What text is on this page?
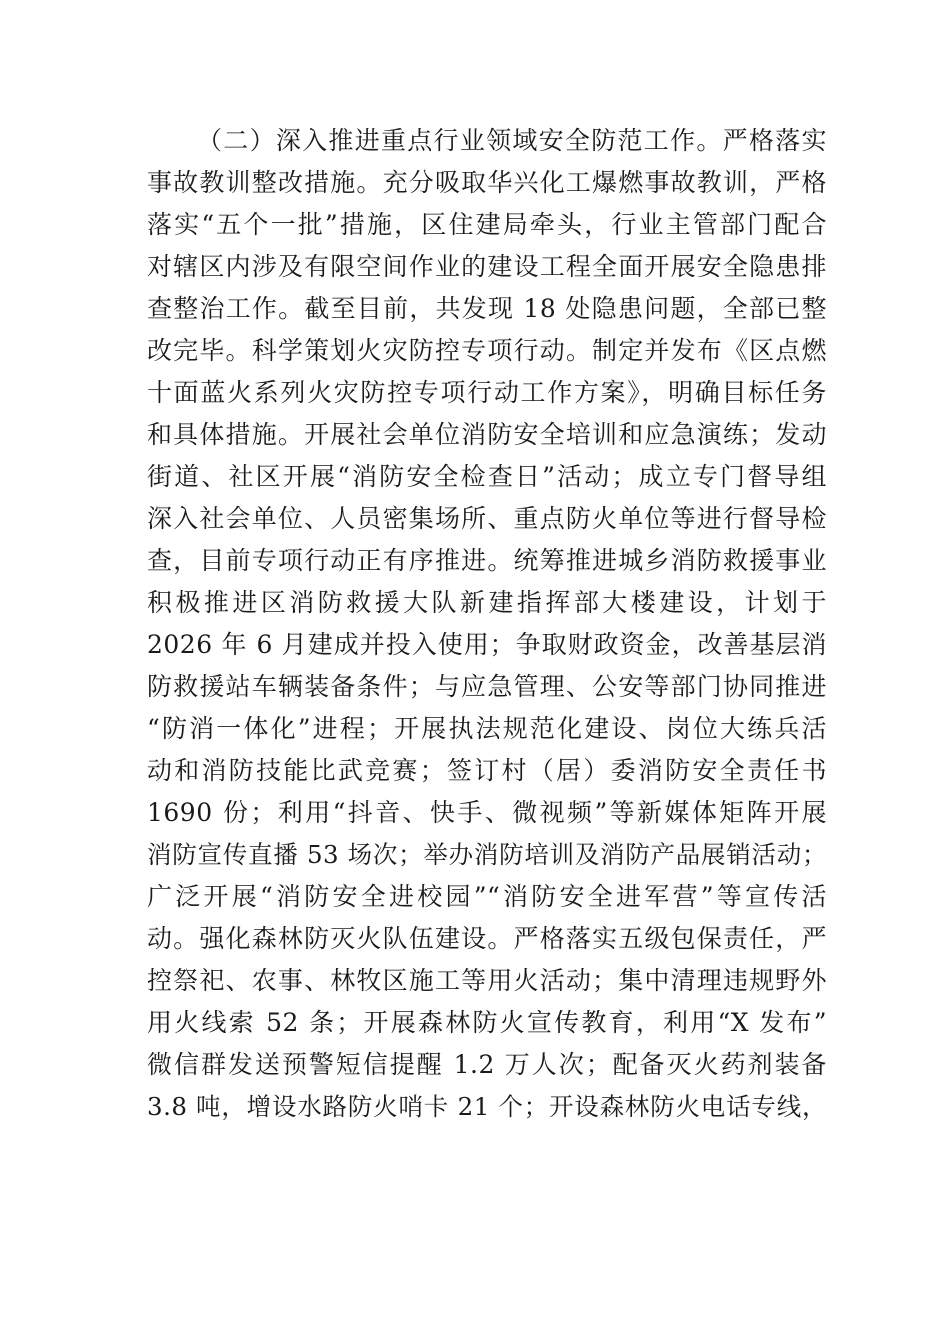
（二）深入推进重点行业领域安全防范工作。严格落实
事故教训整改措施。充分吸取华兴化工爆燃事故教训，严格
落实“五个一批”措施，区住建局牵头，行业主管部门配合
对辖区内涉及有限空间作业的建设工程全面开展安全隐患排
查整治工作。截至目前，共发现 18 处隐患问题，全部已整
改完毕。科学策划火灾防控专项行动。制定并发布《区点燃
十面蓝火系列火灾防控专项行动工作方案》，明确目标任务
和具体措施。开展社会单位消防安全培训和应急演练；发动
街道、社区开展“消防安全检查日”活动；成立专门督导组
深入社会单位、人员密集场所、重点防火单位等进行督导检
查，目前专项行动正有序推进。统筹推进城乡消防救援事业
积极推进区消防救援大队新建指挥部大楼建设，计划于
2026 年 6 月建成并投入使用；争取财政资金，改善基层消
防救援站车辆装备条件；与应急管理、公安等部门协同推进
“防消一体化”进程；开展执法规范化建设、岗位大练兵活
动和消防技能比武竞赛；签订村（居）委消防安全责任书
1690 份；利用“抖音、快手、微视频”等新媒体矩阵开展
消防宣传直播 53 场次；举办消防培训及消防产品展销活动；
广泛开展“消防安全进校园”“消防安全进军营”等宣传活
动。强化森林防灭火队伍建设。严格落实五级包保责任，严
控祭祀、农事、林牧区施工等用火活动；集中清理违规野外
用火线索 52 条；开展森林防火宣传教育，利用“X 发布”
微信群发送预警短信提醒 1.2 万人次；配备灭火药剂装备
3.8 吨，增设水路防火哨卡 21 个；开设森林防火电话专线，
